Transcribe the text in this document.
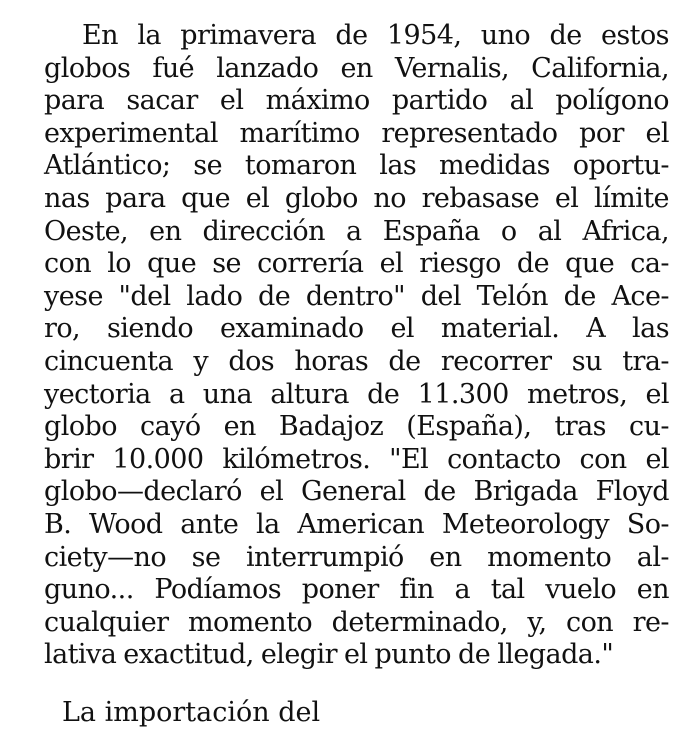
En la primavera de 1954, uno de estos
globos fué lanzado en Vernalis, California,
para sacar el máximo partido al polígono
experimental marítimo representado por el
Atlántico; se tomaron las medidas oportu-
nas para que el globo no rebasase el límite
Oeste, en dirección a España o al Africa,
con lo que se correría el riesgo de que ca-
yese "del lado de dentro" del Telón de Ace-
ro, siendo examinado el material. A las
cincuenta y dos horas de recorrer su tra-
yectoria a una altura de 11.300 metros, el
globo cayó en Badajoz (España), tras cu-
brir 10.000 kilómetros. "El contacto con el
globo—declaró el General de Brigada Floyd
B. Wood ante la American Meteorology So-
ciety—no se interrumpió en momento al-
guno... Podíamos poner fin a tal vuelo en
cualquier momento determinado, y, con re-
lativa exactitud, elegir el punto de llegada."

La importación del
